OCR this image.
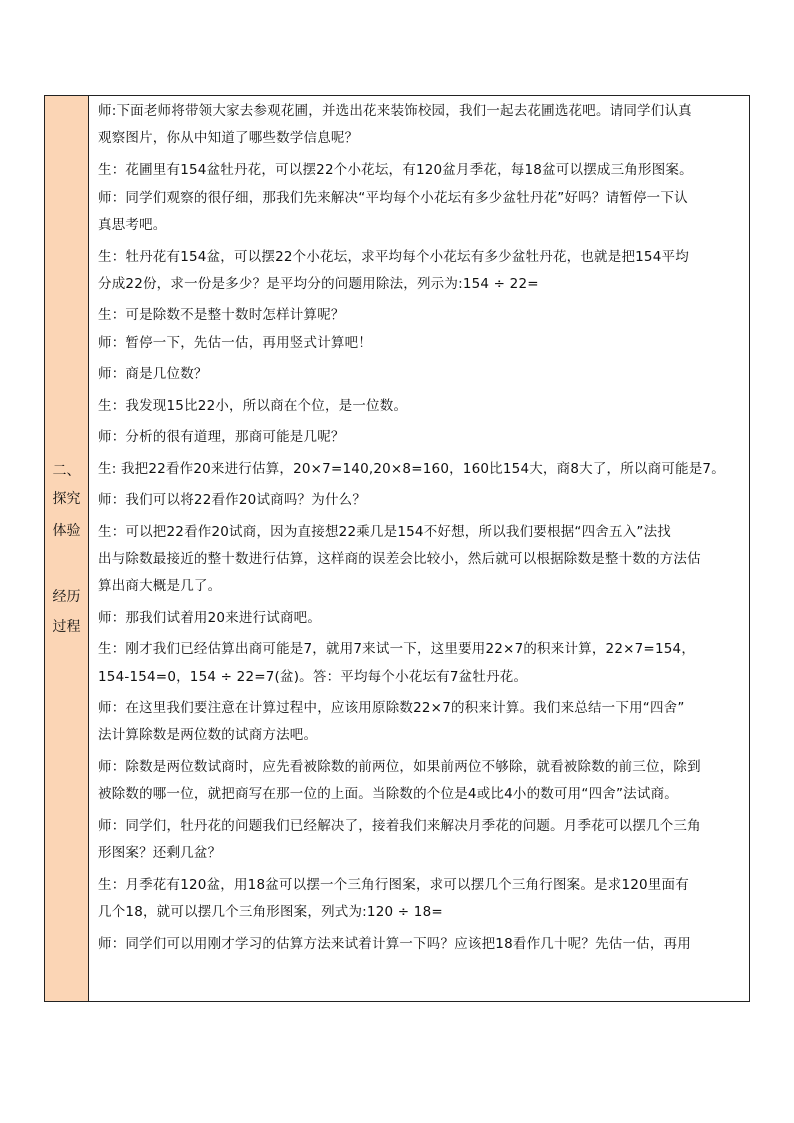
二、
探究
体验
经历
过程
师:下面老师将带领大家去参观花圃，并选出花来装饰校园，我们一起去花圃选花吧。请同学们认真
观察图片，你从中知道了哪些数学信息呢？
生：花圃里有154盆牡丹花，可以摆22个小花坛，有120盆月季花，每18盆可以摆成三角形图案。
师：同学们观察的很仔细，那我们先来解决“平均每个小花坛有多少盆牡丹花”好吗？请暂停一下认
真思考吧。
生：牡丹花有154盆，可以摆22个小花坛，求平均每个小花坛有多少盆牡丹花，也就是把154平均
分成22份，求一份是多少？是平均分的问题用除法，列示为:154 ÷ 22=
生：可是除数不是整十数时怎样计算呢？
师：暂停一下，先估一估，再用竖式计算吧！
师：商是几位数？
生：我发现15比22小，所以商在个位，是一位数。
师：分析的很有道理，那商可能是几呢？
生: 我把22看作20来进行估算，20×7=140,20×8=160，160比154大，商8大了，所以商可能是7。
师：我们可以将22看作20试商吗？为什么？
生：可以把22看作20试商，因为直接想22乘几是154不好想，所以我们要根据“四舍五入”法找
出与除数最接近的整十数进行估算，这样商的误差会比较小，然后就可以根据除数是整十数的方法估
算出商大概是几了。
师：那我们试着用20来进行试商吧。
生：刚才我们已经估算出商可能是7，就用7来试一下，这里要用22×7的积来计算，22×7=154，
154-154=0，154 ÷ 22=7(盆)。答：平均每个小花坛有7盆牡丹花。
师：在这里我们要注意在计算过程中，应该用原除数22×7的积来计算。我们来总结一下用“四舍”
法计算除数是两位数的试商方法吧。
师：除数是两位数试商时，应先看被除数的前两位，如果前两位不够除，就看被除数的前三位，除到
被除数的哪一位，就把商写在那一位的上面。当除数的个位是4或比4小的数可用“四舍”法试商。
师：同学们，牡丹花的问题我们已经解决了，接着我们来解决月季花的问题。月季花可以摆几个三角
形图案？还剩几盆？
生：月季花有120盆，用18盆可以摆一个三角行图案，求可以摆几个三角行图案。是求120里面有
几个18，就可以摆几个三角形图案，列式为:120 ÷ 18=
师：同学们可以用刚才学习的估算方法来试着计算一下吗？应该把18看作几十呢？先估一估，再用
